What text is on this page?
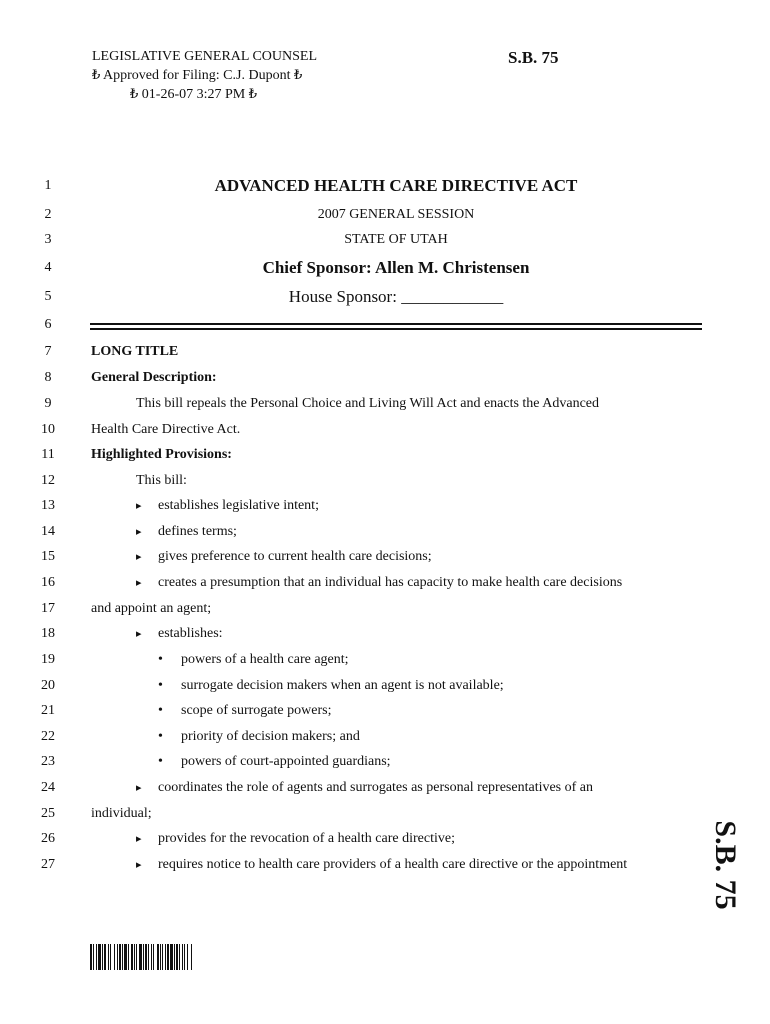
LEGISLATIVE GENERAL COUNSEL
₺ Approved for Filing: C.J. Dupont ₺
₺ 01-26-07 3:27 PM ₺
S.B. 75
1	ADVANCED HEALTH CARE DIRECTIVE ACT
2	2007 GENERAL SESSION
3	STATE OF UTAH
4	Chief Sponsor: Allen M. Christensen
5	House Sponsor: ____________
6
7	LONG TITLE
8	General Description:
9	This bill repeals the Personal Choice and Living Will Act and enacts the Advanced
10	Health Care Directive Act.
11	Highlighted Provisions:
12	This bill:
13	▸ establishes legislative intent;
14	▸ defines terms;
15	▸ gives preference to current health care decisions;
16	▸ creates a presumption that an individual has capacity to make health care decisions
17	and appoint an agent;
18	▸ establishes:
19	• powers of a health care agent;
20	• surrogate decision makers when an agent is not available;
21	• scope of surrogate powers;
22	• priority of decision makers; and
23	• powers of court-appointed guardians;
24	▸ coordinates the role of agents and surrogates as personal representatives of an
25	individual;
26	▸ provides for the revocation of a health care directive;
27	▸ requires notice to health care providers of a health care directive or the appointment	S.B. 75
